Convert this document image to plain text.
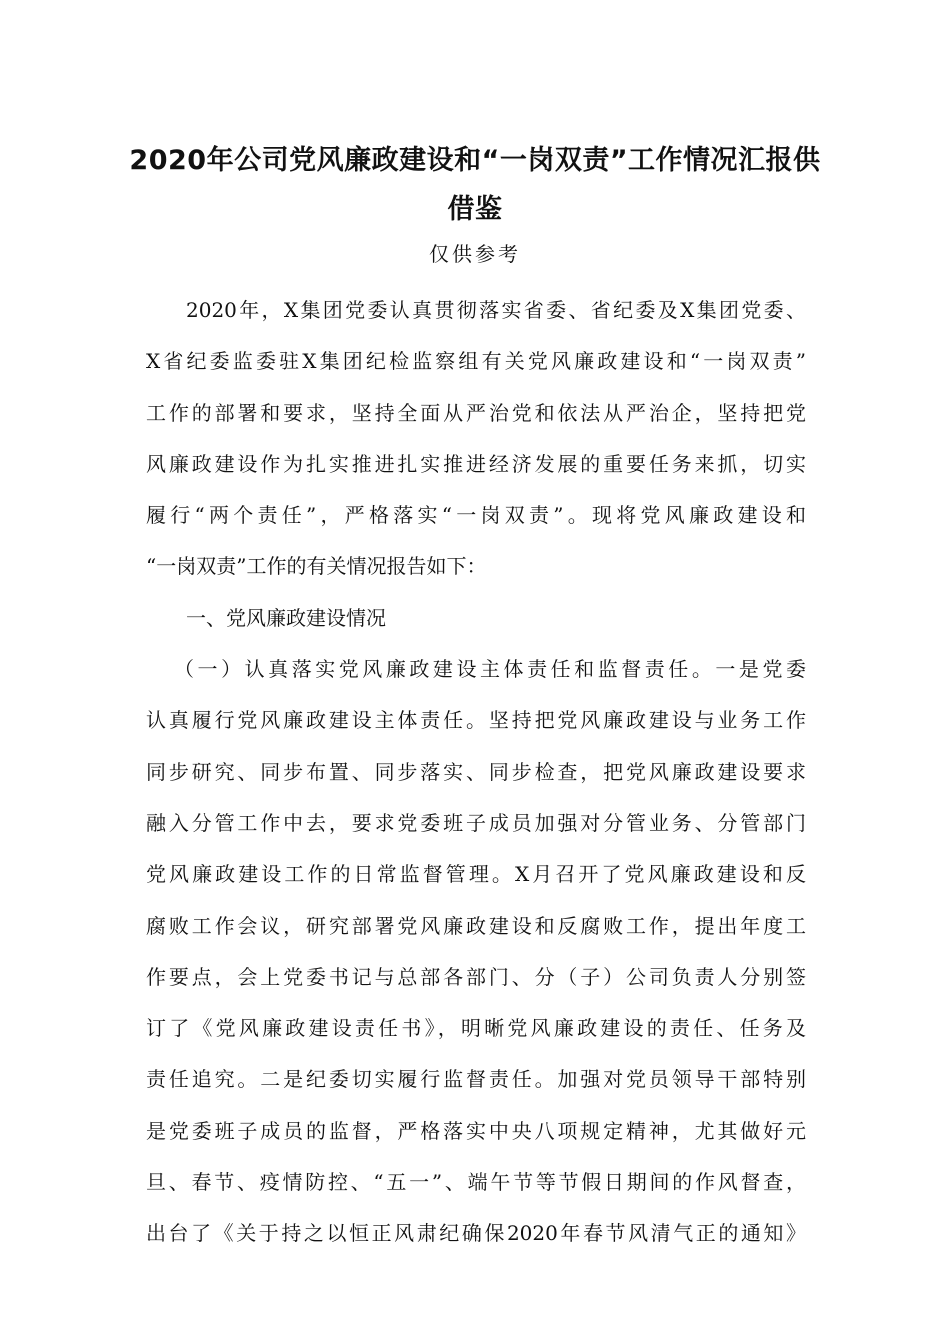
2020年公司党风廉政建设和“一岗双责”工作情况汇报供
借鉴
仅供参考
2020年，X集团党委认真贯彻落实省委、省纪委及X集团党委、
X省纪委监委驻X集团纪检监察组有关党风廉政建设和“一岗双责”
工作的部署和要求，坚持全面从严治党和依法从严治企，坚持把党
风廉政建设作为扎实推进扎实推进经济发展的重要任务来抓，切实
履行“两个责任”，严格落实“一岗双责”。现将党风廉政建设和
“一岗双责”工作的有关情况报告如下：
一、党风廉政建设情况
（一）认真落实党风廉政建设主体责任和监督责任。一是党委
认真履行党风廉政建设主体责任。坚持把党风廉政建设与业务工作
同步研究、同步布置、同步落实、同步检查，把党风廉政建设要求
融入分管工作中去，要求党委班子成员加强对分管业务、分管部门
党风廉政建设工作的日常监督管理。X月召开了党风廉政建设和反
腐败工作会议，研究部署党风廉政建设和反腐败工作，提出年度工
作要点，会上党委书记与总部各部门、分（子）公司负责人分别签
订了《党风廉政建设责任书》，明晰党风廉政建设的责任、任务及
责任追究。二是纪委切实履行监督责任。加强对党员领导干部特别
是党委班子成员的监督，严格落实中央八项规定精神，尤其做好元
旦、春节、疫情防控、“五一”、端午节等节假日期间的作风督查，
出台了《关于持之以恒正风肃纪确保2020年春节风清气正的通知》
